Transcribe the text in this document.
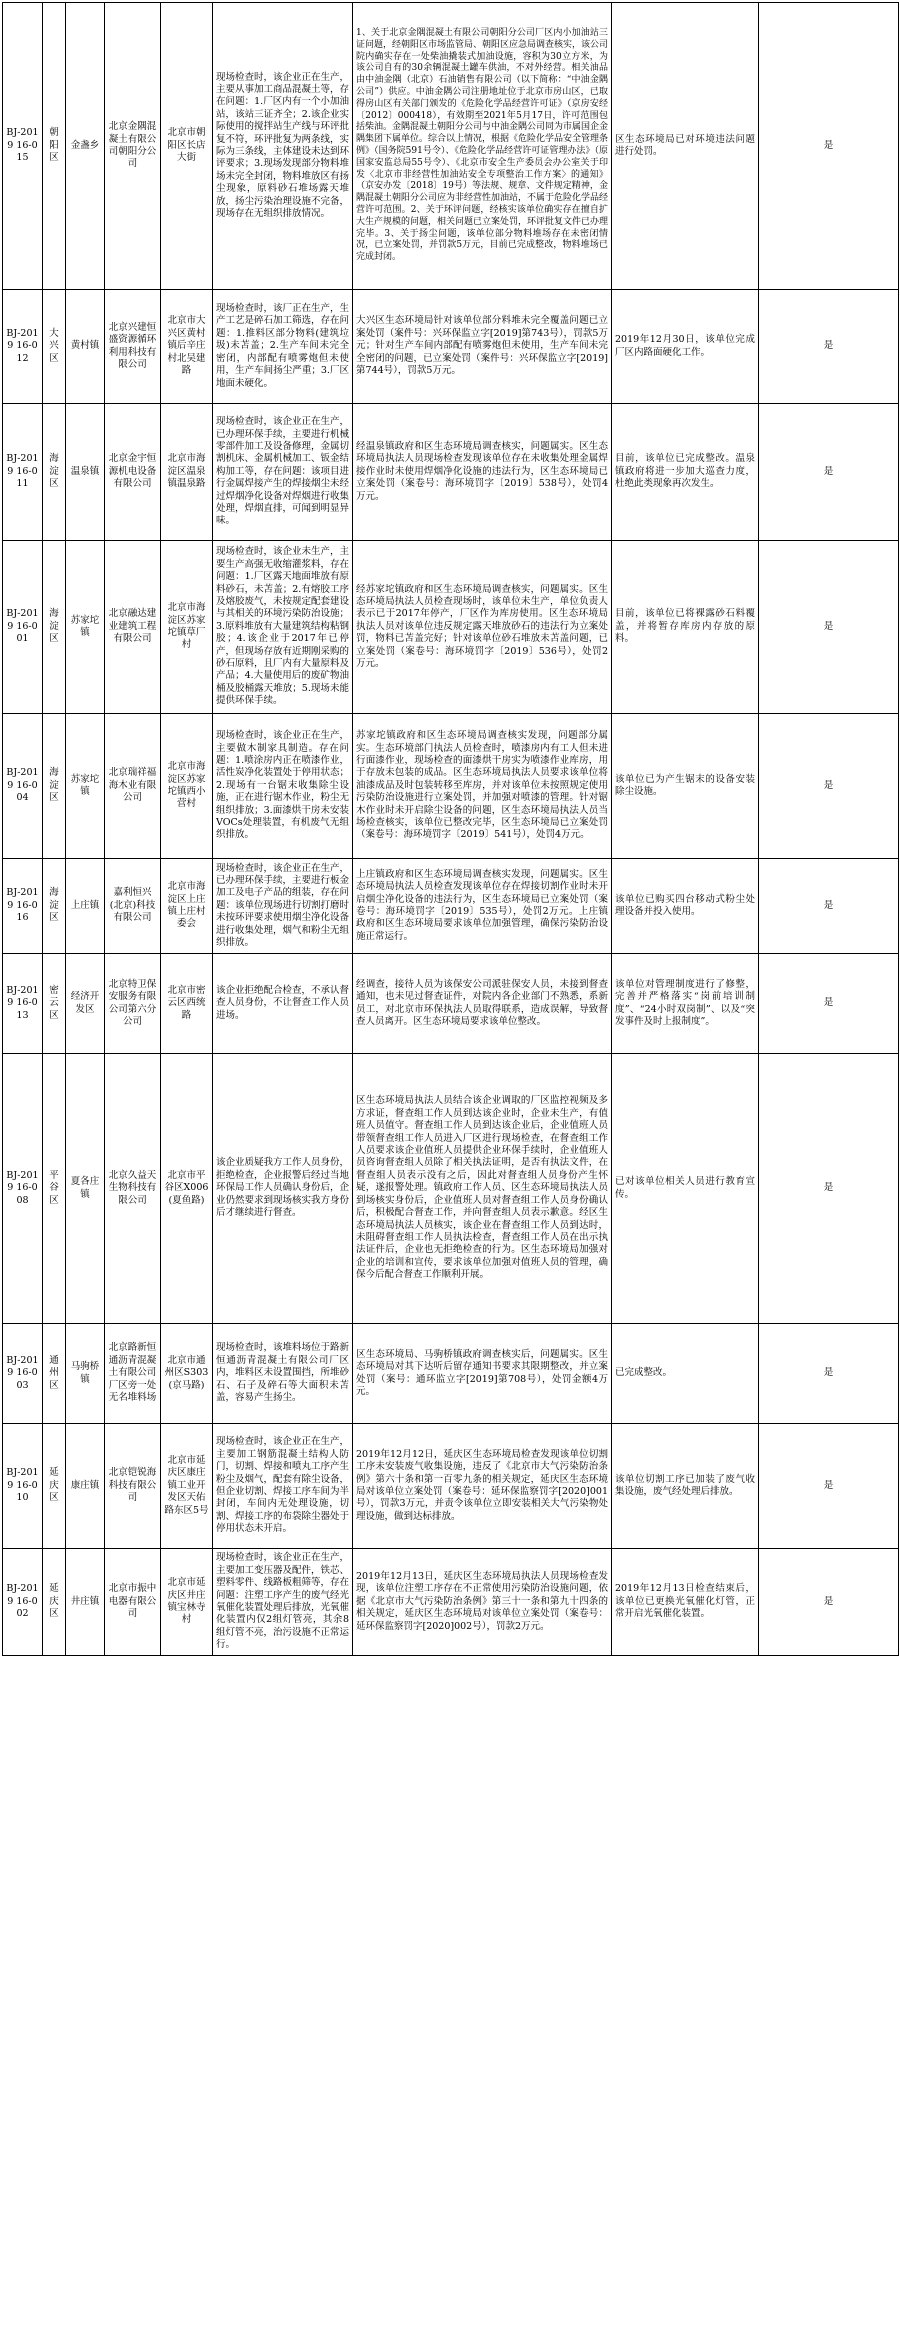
BJ-2019 16-015	朝阳区	金盏乡	北京金隅混凝土有限公司朝阳分公司	北京市朝阳区长店大街	现场检查时，该企业正在生产，主要从事加工商品混凝土等，存在问题：1.厂区内有一个小加油站，该站三证齐全；2.该企业实际使用的搅拌站生产线与环评批复不符，环评批复为两条线，实际为三条线，主体建设未达到环评要求；3.现场发现部分物料堆场未完全封闭，物料堆放区有扬尘现象，原料砂石堆场露天堆放，扬尘污染治理设施不完备，现场存在无组织排放情况。	1、关于北京金隅混凝土有限公司朝阳分公司厂区内小加油站三证问题，经朝阳区市场监管局、朝阳区应急局调查核实，该公司院内确实存在一处柴油撬装式加油设施，容积为30立方米，为该公司自有的30余辆混凝土罐车供油，不对外经营。相关油品由中油金隅（北京）石油销售有限公司（以下简称：“中油金隅公司”）供应。中油金隅公司注册地址位于北京市房山区，已取得房山区有关部门颁发的《危险化学品经营许可证》（京房安经〔2012〕000418），有效期至2021年5月17日，许可范围包括柴油。金隅混凝土朝阳分公司与中油金隅公司同为市属国企金隅集团下属单位。综合以上情况，根据《危险化学品安全管理条例》（国务院591号令）、《危险化学品经营许可证管理办法》（原国家安监总局55号令）、《北京市安全生产委员会办公室关于印发〈北京市非经营性加油站安全专项整治工作方案〉的通知》（京安办发〔2018〕19号）等法规、规章、文件规定精神，金隅混凝土朝阳分公司应为非经营性加油站，不属于危险化学品经营许可范围。2、关于环评问题，经核实该单位确实存在擅自扩大生产规模的问题，相关问题已立案处罚，环评批复文件已办理完毕。3、关于扬尘问题，该单位部分物料堆场存在未密闭情况，已立案处罚，并罚款5万元，目前已完成整改，物料堆场已完成封闭。	区生态环境局已对环境违法问题进行处罚。	是
BJ-2019 16-012	大兴区	黄村镇	北京兴建恒盛资源循环利用科技有限公司	北京市大兴区黄村镇后辛庄村北吴建路	现场检查时，该厂正在生产，生产工艺是碎石加工筛选，存在问题：1.推料区部分物料(建筑垃圾)未苫盖；2.生产车间未完全密闭，内部配有喷雾炮但未使用，生产车间扬尘严重；3.厂区地面未硬化。	大兴区生态环境局针对该单位部分料堆未完全覆盖问题已立案处罚（案件号：兴环保监立字[2019]第743号），罚款5万元；针对生产车间内部配有喷雾炮但未使用，生产车间未完全密闭的问题，已立案处罚（案件号：兴环保监立字[2019]第744号），罚款5万元。	2019年12月30日，该单位完成厂区内路面硬化工作。	是
BJ-2019 16-011	海淀区	温泉镇	北京金宇恒源机电设备有限公司	北京市海淀区温泉镇温泉路	现场检查时，该企业正在生产，已办理环保手续，主要进行机械零部件加工及设备修理，金属切割机床、金属机械加工、钣金结构加工等，存在问题：该项目进行金属焊接产生的焊接烟尘未经过焊烟净化设备对焊烟进行收集处理，焊烟直排，可闻到明显异味。	经温泉镇政府和区生态环境局调查核实，问题属实。区生态环境局执法人员现场检查发现该单位存在未收集处理金属焊接作业时未使用焊烟净化设施的违法行为，区生态环境局已立案处罚（案卷号：海环境罚字〔2019〕538号），处罚4万元。	目前，该单位已完成整改。温泉镇政府将进一步加大巡查力度，杜绝此类现象再次发生。	是
BJ-2019 16-001	海淀区	苏家坨镇	北京融达建业建筑工程有限公司	北京市海淀区苏家坨镇草厂村	现场检查时，该企业未生产，主要生产高强无收缩灌浆料，存在问题：1.厂区露天地面堆放有原料砂石，未苫盖；2.有熔胶工序及熔胶废气，未按规定配套建设与其相关的环境污染防治设施；3.原料堆放有大量建筑结构粘钢胶；4.该企业于2017年已停产，但现场存放有近期刚采购的砂石原料，且厂内有大量原料及产品；4.大量使用后的废矿物油桶及胶桶露天堆放；5.现场未能提供环保手续。	经苏家坨镇政府和区生态环境局调查核实，问题属实。区生态环境局执法人员检查现场时，该单位未生产，单位负责人表示已于2017年停产，厂区作为库房使用。区生态环境局执法人员对该单位违反规定露天堆放砂石的违法行为立案处罚，物料已苫盖完好；针对该单位砂石堆放未苫盖问题，已立案处罚（案卷号：海环境罚字〔2019〕536号），处罚2万元。	目前，该单位已将裸露砂石料覆盖，并将暂存库房内存放的原料。	是
BJ-2019 16-004	海淀区	苏家坨镇	北京瑞祥福海木业有限公司	北京市海淀区苏家坨镇西小营村	现场检查时，该企业正在生产，主要做木制家具制造。存在问题：1.喷涂房内正在喷漆作业，活性炭净化装置处于停用状态；2.现场有一台锯末收集除尘设施，正在进行锯木作业，粉尘无组织排放；3.面漆烘干房未安装VOCs处理装置，有机废气无组织排放。	苏家坨镇政府和区生态环境局调查核实发现，问题部分属实。生态环境部门执法人员检查时，喷漆房内有工人但未进行面漆作业，现场检查的面漆烘干房实为喷漆作业库房，用于存放未包装的成品。区生态环境局执法人员要求该单位将油漆成品及时包装转移至库房，并对该单位未按照规定使用污染防治设施进行立案处罚，并加强对喷漆的管理。针对锯木作业时未开启除尘设备的问题，区生态环境局执法人员当场检查核实，该单位已整改完毕，区生态环境局已立案处罚（案卷号：海环境罚字〔2019〕541号），处罚4万元。	该单位已为产生锯末的设备安装除尘设施。	是
BJ-2019 16-016	海淀区	上庄镇	嘉利恒兴(北京)科技有限公司	北京市海淀区上庄镇上庄村委会	现场检查时，该企业正在生产，已办理环保手续，主要进行板金加工及电子产品的组装，存在问题：该单位现场进行切割打磨时未按环评要求使用烟尘净化设备进行收集处理，烟气和粉尘无组织排放。	上庄镇政府和区生态环境局调查核实发现，问题属实。区生态环境局执法人员检查发现该单位存在焊接切割作业时未开启烟尘净化设备的违法行为，区生态环境局已立案处罚（案卷号：海环境罚字〔2019〕535号），处罚2万元。上庄镇政府和区生态环境局要求该单位加强管理，确保污染防治设施正常运行。	该单位已购买四台移动式粉尘处理设备并投入使用。	是
BJ-2019 16-013	密云区	经济开发区	北京特卫保安服务有限公司第六分公司	北京市密云区西统路	该企业拒绝配合检查，不承认督查人员身份，不让督查工作人员进场。	经调查，接待人员为该保安公司派驻保安人员，未接到督查通知，也未见过督查证件，对院内各企业部门不熟悉，系新员工，对北京市环保执法人员取得联系，造成误解，导致督查人员离开。区生态环境局要求该单位整改。	该单位对管理制度进行了修整，完善并严格落实“岗前培训制度”、“24小时双岗制”、以及“突发事件及时上报制度”。	是
BJ-2019 16-008	平谷区	夏各庄镇	北京久益天生物科技有限公司	北京市平谷区X006(夏鱼路)	该企业质疑我方工作人员身份，拒绝检查，企业报警后经过当地环保局工作人员确认身份后，企业仍然要求到现场核实我方身份后才继续进行督查。	区生态环境局执法人员结合该企业调取的厂区监控视频及多方求证，督查组工作人员到达该企业时，企业未生产，有值班人员值守。督查组工作人员到达该企业后，企业值班人员带领督查组工作人员进入厂区进行现场检查，在督查组工作人员要求该企业值班人员提供企业环保手续时，企业值班人员咨询督查组人员除了相关执法证明，是否有执法文件，在督查组人员表示没有之后，因此对督查组人员身份产生怀疑，遂报警处理。镇政府工作人员、区生态环境局执法人员到场核实身份后，企业值班人员对督查组工作人员身份确认后，积极配合督查工作，并向督查组人员表示歉意。经区生态环境局执法人员核实，该企业在督查组工作人员到达时，未阻碍督查组工作人员执法检查，督查组工作人员在出示执法证件后，企业也无拒绝检查的行为。区生态环境局加强对企业的培训和宣传，要求该单位加强对值班人员的管理，确保今后配合督查工作顺利开展。	已对该单位相关人员进行教育宣传。	是
BJ-2019 16-003	通州区	马驹桥镇	北京路新恒通沥青混凝土有限公司厂区旁一处无名堆料场	北京市通州区S303(京马路)	现场检查时，该堆料场位于路新恒通沥青混凝土有限公司厂区内，堆料区未设置围挡，所堆砂石、石子及碎石等大面积未苫盖，容易产生扬尘。	区生态环境局、马驹桥镇政府调查核实后，问题属实。区生态环境局对其下达听后留存通知书要求其限期整改，并立案处罚（案号：通环监立字[2019]第708号），处罚金额4万元。	已完成整改。	是
BJ-2019 16-010	延庆区	康庄镇	北京铠锐海科技有限公司	北京市延庆区康庄镇工业开发区天佑路东区5号	现场检查时，该企业正在生产，主要加工钢筋混凝土结构人防门，切割、焊接和喷丸工序产生粉尘及烟气，配套有除尘设备，但企业切割、焊接工序车间为半封闭，车间内无处理设施，切割、焊接工序的布袋除尘器处于停用状态未开启。	2019年12月12日，延庆区生态环境局检查发现该单位切割工序未安装废气收集设施，违反了《北京市大气污染防治条例》第六十条和第一百零九条的相关规定，延庆区生态环境局对该单位立案处罚（案卷号：延环保监察罚字[2020]001号），罚款3万元，并责令该单位立即安装相关大气污染物处理设施，做到达标排放。	该单位切割工序已加装了废气收集设施，废气经处理后排放。	是
BJ-2019 16-002	延庆区	井庄镇	北京市振中电器有限公司	北京市延庆区井庄镇宝林寺村	现场检查时，该企业正在生产，主要加工变压器及配件，铁芯、塑料零件、线路板粗筛等，存在问题：注塑工序产生的废气经光氧催化装置处理后排放，光氧催化装置内仅2组灯管亮，其余8组灯管不亮，治污设施不正常运行。	2019年12月13日，延庆区生态环境局执法人员现场检查发现，该单位注塑工序存在不正常使用污染防治设施问题，依据《北京市大气污染防治条例》第三十一条和第九十四条的相关规定，延庆区生态环境局对该单位立案处罚（案卷号：延环保监察罚字[2020]002号），罚款2万元。	2019年12月13日检查结束后，该单位已更换光氧催化灯管，正常开启光氧催化装置。	是
